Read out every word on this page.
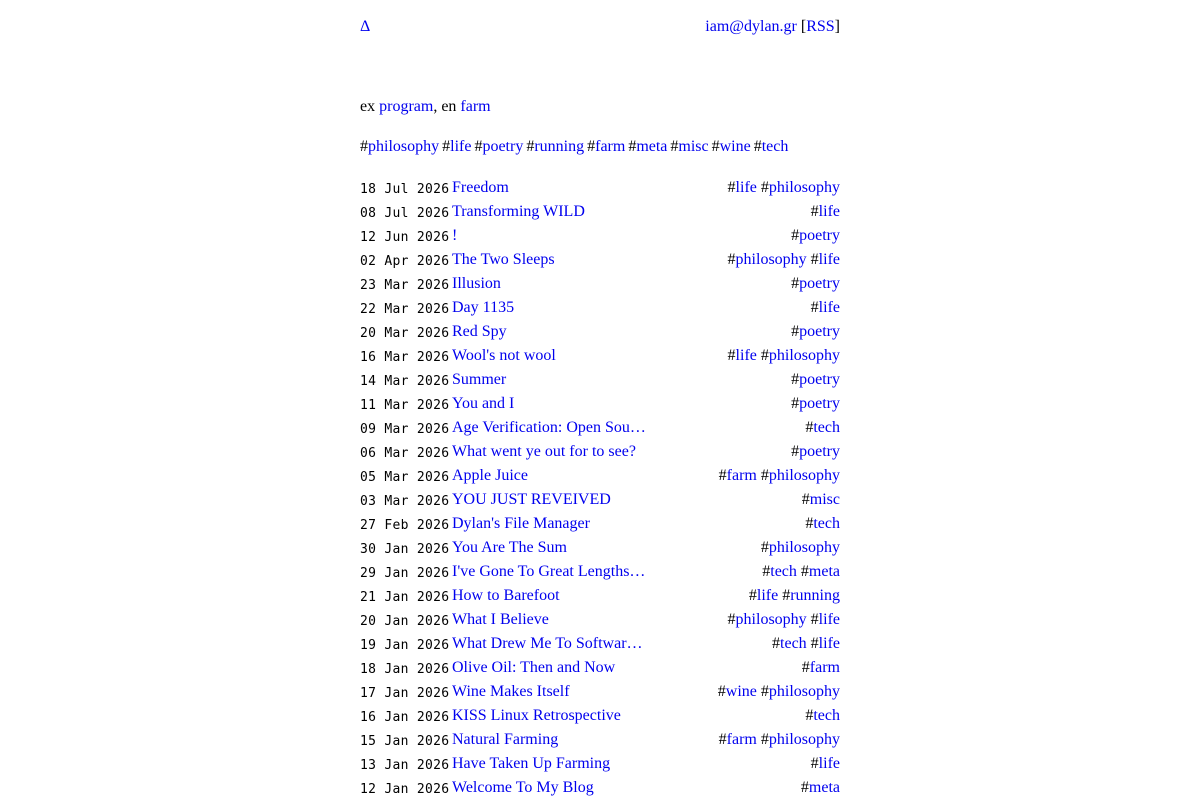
Δ	iam@dylan.gr [RSS]
ex program, en farm
#philosophy #life #poetry #running #farm #meta #misc #wine #tech
18 Jul 2026 Freedom	#life #philosophy
08 Jul 2026 Transforming WILD	#life
12 Jun 2026 !	#poetry
02 Apr 2026 The Two Sleeps	#philosophy #life
23 Mar 2026 Illusion	#poetry
22 Mar 2026 Day 1135	#life
20 Mar 2026 Red Spy	#poetry
16 Mar 2026 Wool's not wool	#life #philosophy
14 Mar 2026 Summer	#poetry
11 Mar 2026 You and I	#poetry
09 Mar 2026 Age Verification: Open Sou…	#tech
06 Mar 2026 What went ye out for to see?	#poetry
05 Mar 2026 Apple Juice	#farm #philosophy
03 Mar 2026 YOU JUST REVEIVED	#misc
27 Feb 2026 Dylan's File Manager	#tech
30 Jan 2026 You Are The Sum	#philosophy
29 Jan 2026 I've Gone To Great Lengths…	#tech #meta
21 Jan 2026 How to Barefoot	#life #running
20 Jan 2026 What I Believe	#philosophy #life
19 Jan 2026 What Drew Me To Softwar…	#tech #life
18 Jan 2026 Olive Oil: Then and Now	#farm
17 Jan 2026 Wine Makes Itself	#wine #philosophy
16 Jan 2026 KISS Linux Retrospective	#tech
15 Jan 2026 Natural Farming	#farm #philosophy
13 Jan 2026 Have Taken Up Farming	#life
12 Jan 2026 Welcome To My Blog	#meta
